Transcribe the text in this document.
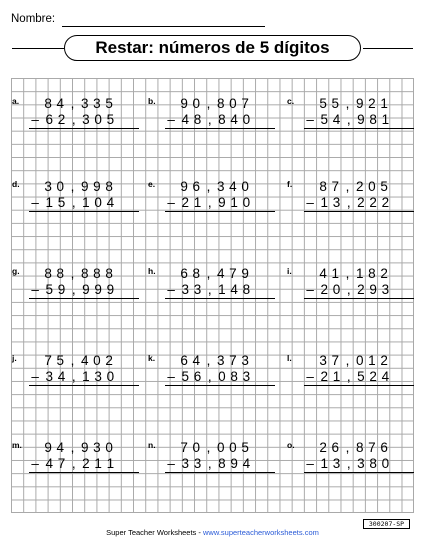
Nombre:
Restar: números de 5 dígitos
a. 8 4 , 3 3 5
– 6 2 , 3 0 5
b. 9 0 , 8 0 7
– 4 8 , 8 4 0
c. 5 5 , 9 2 1
– 5 4 , 9 8 1
d. 3 0 , 9 9 8
– 1 5 , 1 0 4
e. 9 6 , 3 4 0
– 2 1 , 9 1 0
f. 8 7 , 2 0 5
– 1 3 , 2 2 2
g. 8 8 , 8 8 8
– 5 9 , 9 9 9
h. 6 8 , 4 7 9
– 3 3 , 1 4 8
i. 4 1 , 1 8 2
– 2 0 , 2 9 3
j. 7 5 , 4 0 2
– 3 4 , 1 3 0
k. 6 4 , 3 7 3
– 5 6 , 0 8 3
l. 3 7 , 0 1 2
– 2 1 , 5 2 4
m. 9 4 , 9 3 0
– 4 7 , 2 1 1
n. 7 0 , 0 0 5
– 3 3 , 8 9 4
o. 2 6 , 8 7 6
– 1 3 , 3 8 0
Super Teacher Worksheets - www.superteacherworksheets.com
300207-SP
